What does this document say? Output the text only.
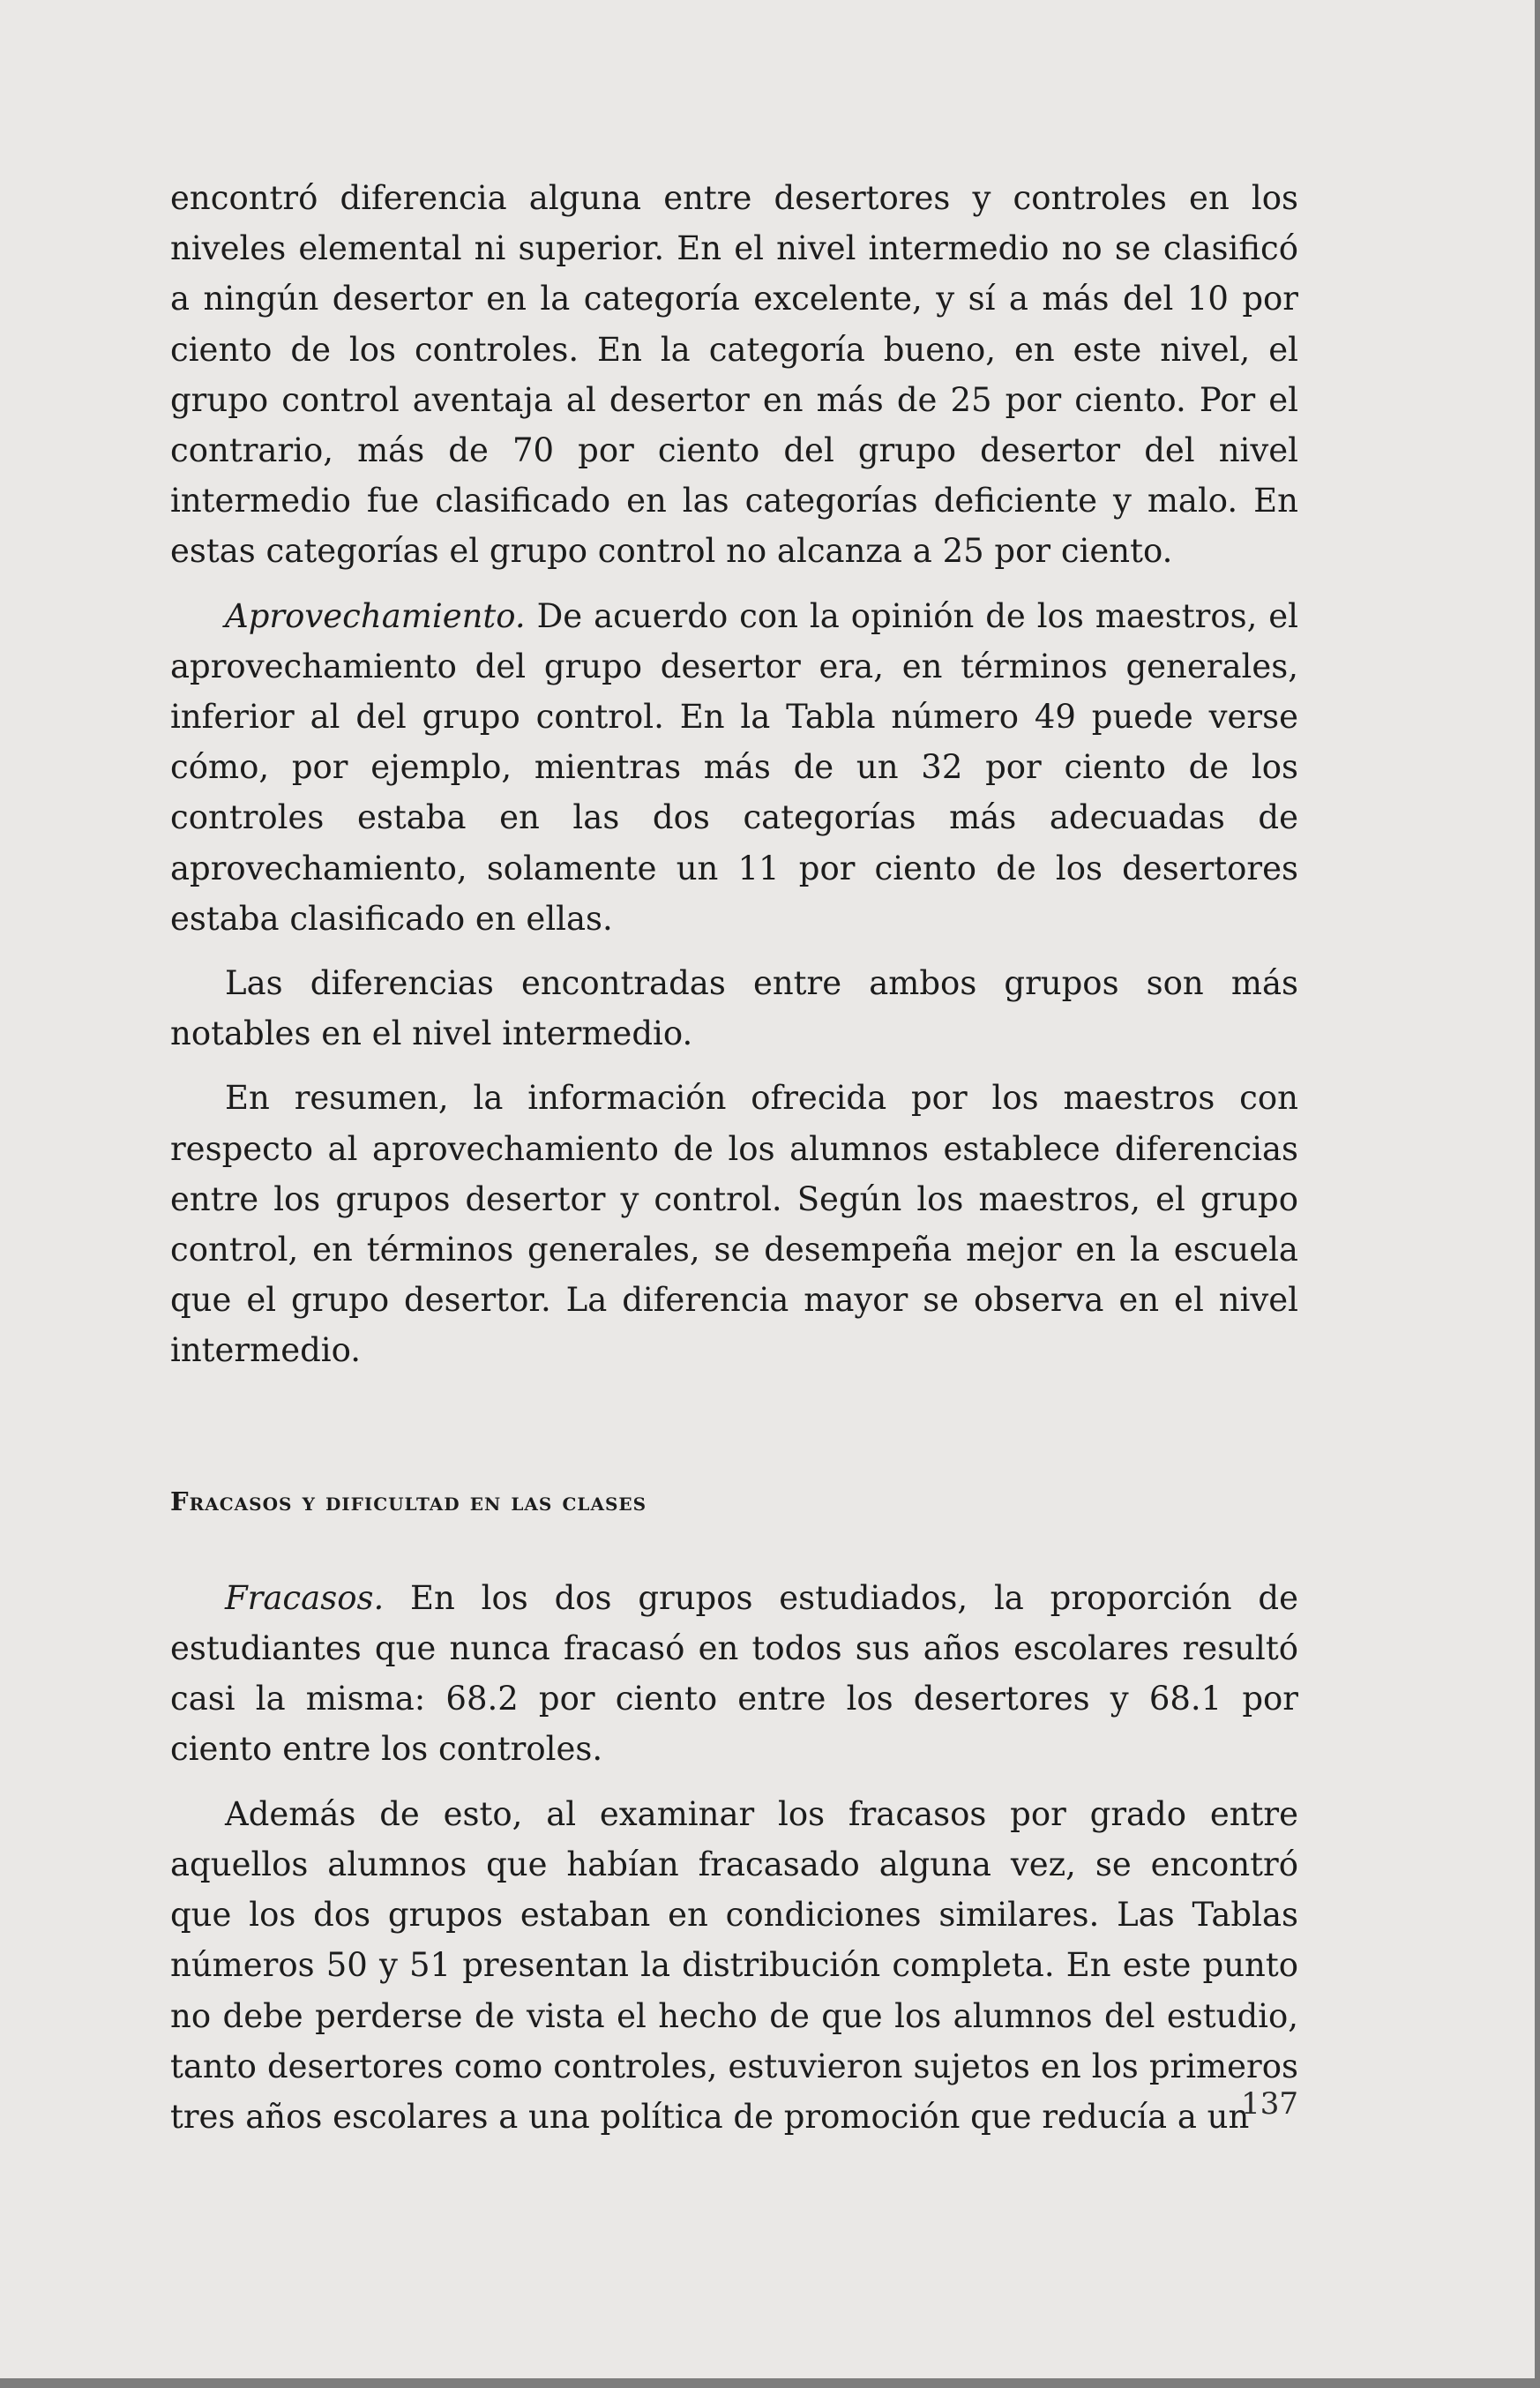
encontró diferencia alguna entre desertores y controles en los niveles elemental ni superior. En el nivel intermedio no se clasificó a ningún desertor en la categoría excelente, y sí a más del 10 por ciento de los controles. En la categoría bueno, en este nivel, el grupo control aventaja al desertor en más de 25 por ciento. Por el contrario, más de 70 por ciento del grupo desertor del nivel intermedio fue clasificado en las categorías deficiente y malo. En estas categorías el grupo control no alcanza a 25 por ciento.

Aprovechamiento. De acuerdo con la opinión de los maestros, el aprovechamiento del grupo desertor era, en términos generales, inferior al del grupo control. En la Tabla número 49 puede verse cómo, por ejemplo, mientras más de un 32 por ciento de los controles estaba en las dos categorías más adecuadas de aprovechamiento, solamente un 11 por ciento de los desertores estaba clasificado en ellas.

Las diferencias encontradas entre ambos grupos son más notables en el nivel intermedio.

En resumen, la información ofrecida por los maestros con respecto al aprovechamiento de los alumnos establece diferencias entre los grupos desertor y control. Según los maestros, el grupo control, en términos generales, se desempeña mejor en la escuela que el grupo desertor. La diferencia mayor se observa en el nivel intermedio.

Fracasos y dificultad en las clases

Fracasos. En los dos grupos estudiados, la proporción de estudiantes que nunca fracasó en todos sus años escolares resultó casi la misma: 68.2 por ciento entre los desertores y 68.1 por ciento entre los controles.

Además de esto, al examinar los fracasos por grado entre aquellos alumnos que habían fracasado alguna vez, se encontró que los dos grupos estaban en condiciones similares. Las Tablas números 50 y 51 presentan la distribución completa. En este punto no debe perderse de vista el hecho de que los alumnos del estudio, tanto desertores como controles, estuvieron sujetos en los primeros tres años escolares a una política de promoción que reducía a un

137
